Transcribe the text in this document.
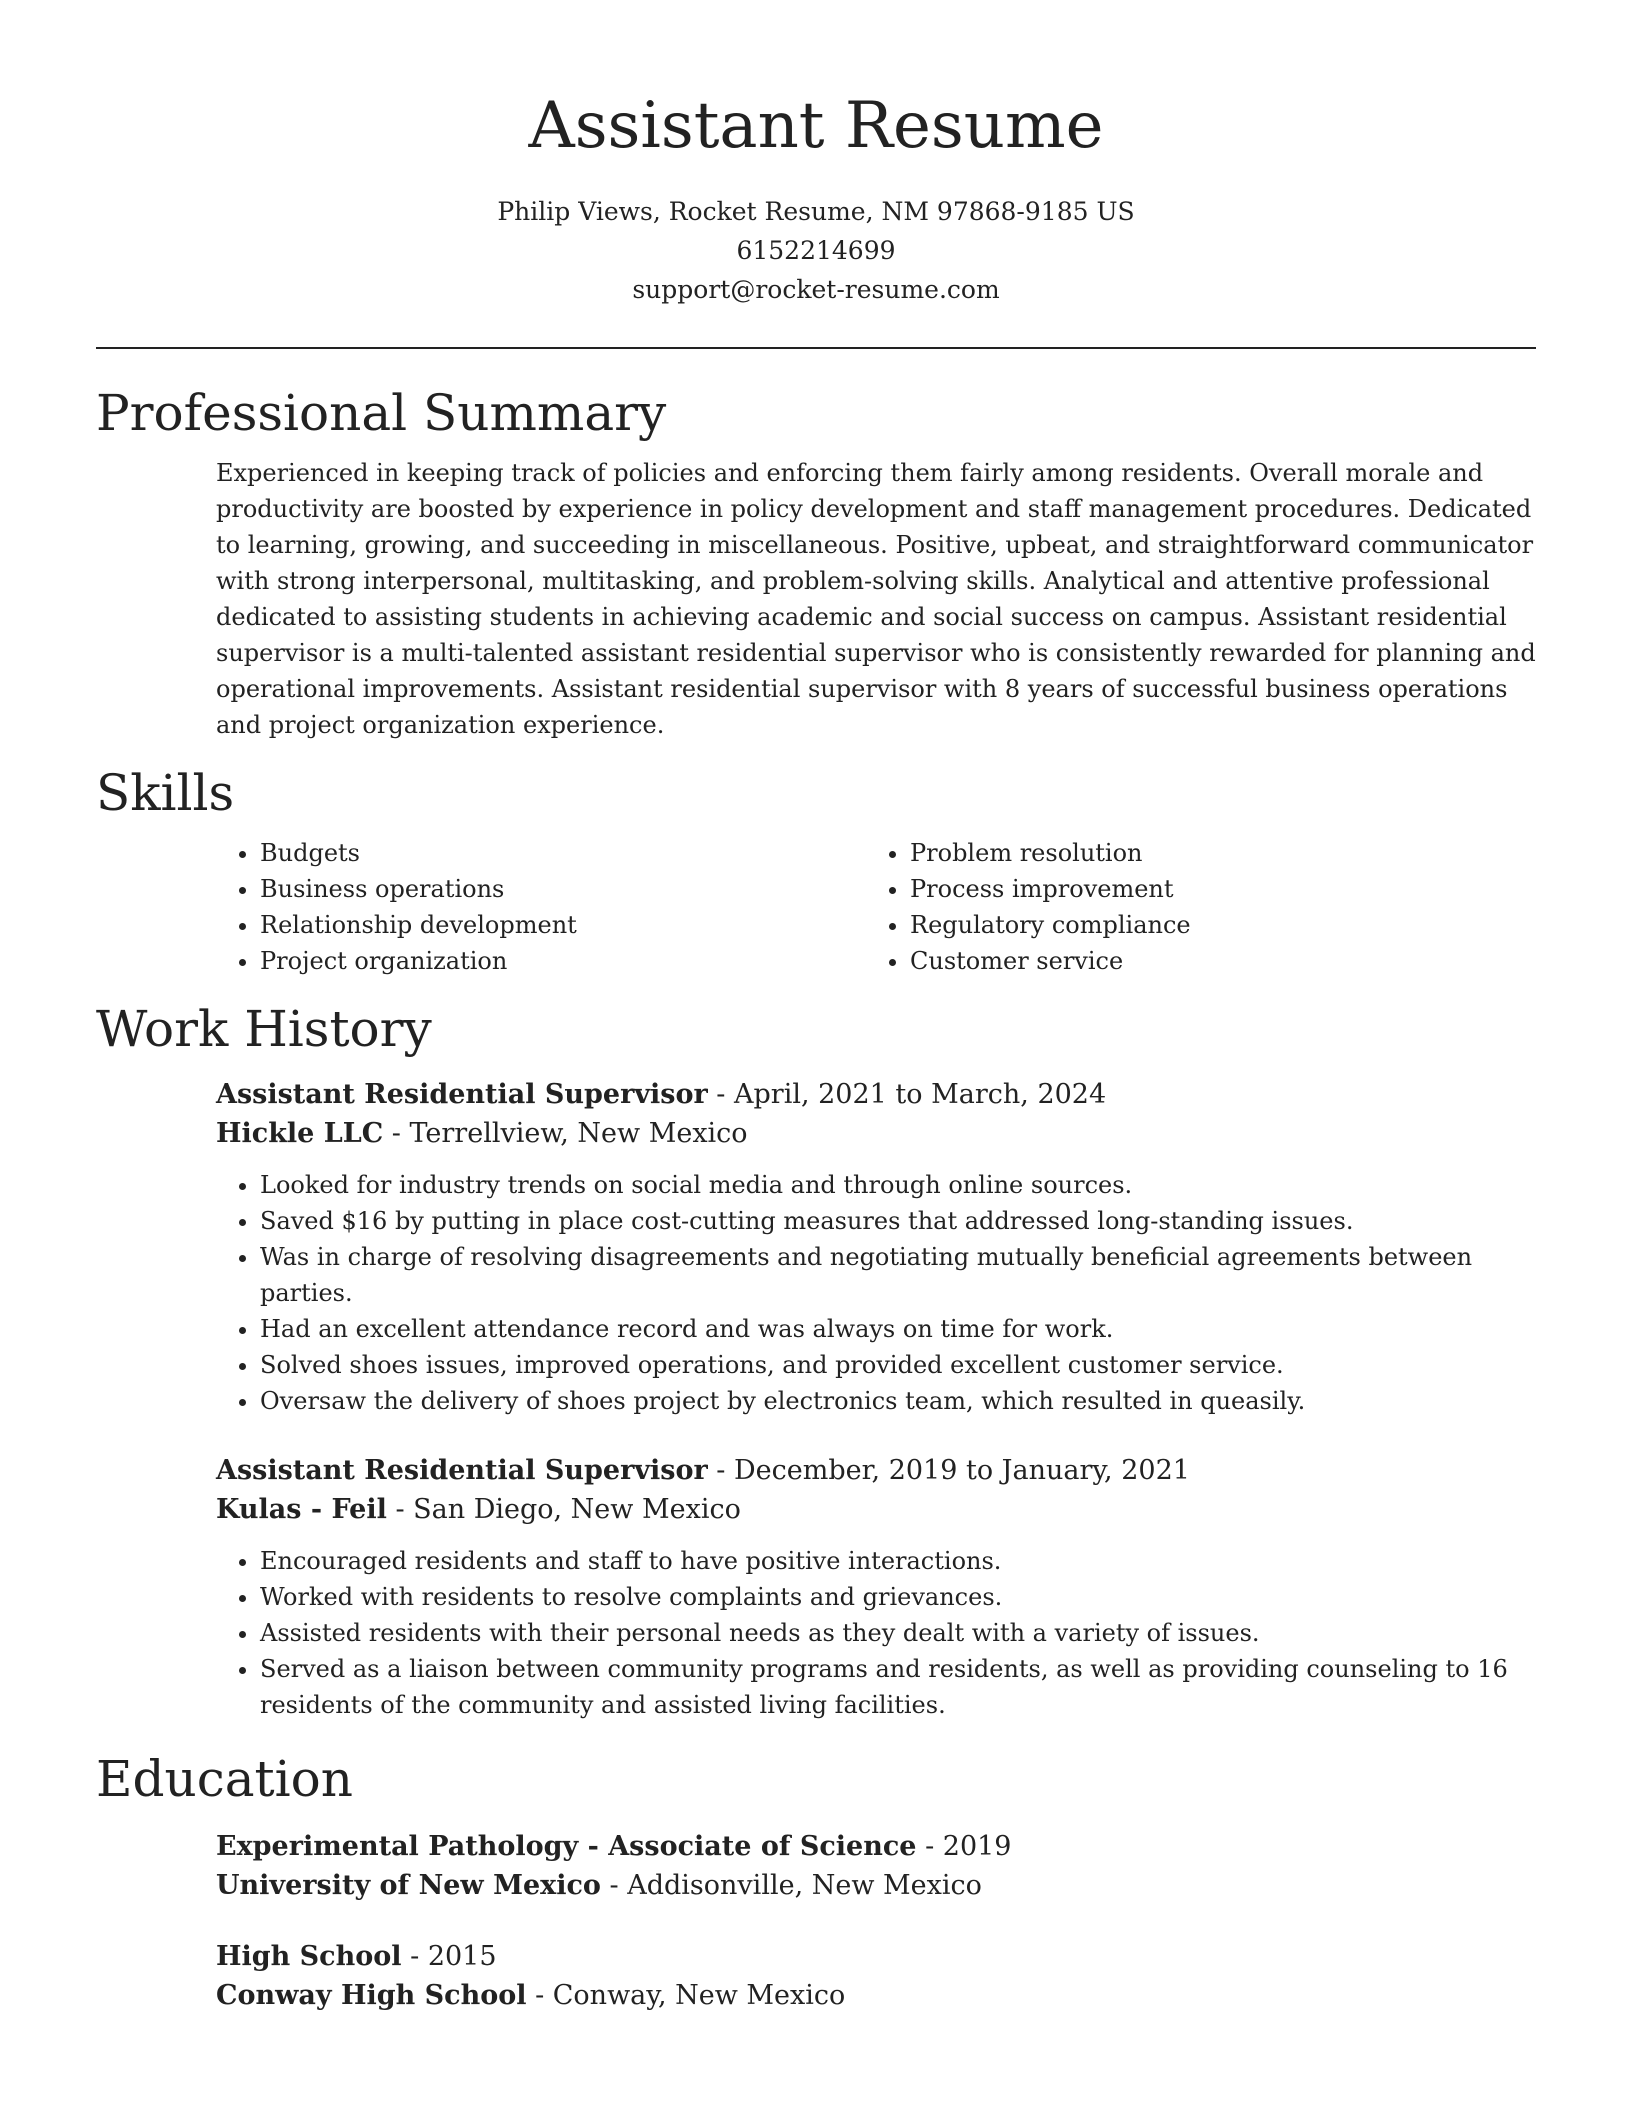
Assistant Resume
Philip Views, Rocket Resume, NM 97868-9185 US
6152214699
support@rocket-resume.com
Professional Summary
Experienced in keeping track of policies and enforcing them fairly among residents. Overall morale and productivity are boosted by experience in policy development and staff management procedures. Dedicated to learning, growing, and succeeding in miscellaneous. Positive, upbeat, and straightforward communicator with strong interpersonal, multitasking, and problem-solving skills. Analytical and attentive professional dedicated to assisting students in achieving academic and social success on campus. Assistant residential supervisor is a multi-talented assistant residential supervisor who is consistently rewarded for planning and operational improvements. Assistant residential supervisor with 8 years of successful business operations and project organization experience.
Skills
• Budgets
• Business operations
• Relationship development
• Project organization
• Problem resolution
• Process improvement
• Regulatory compliance
• Customer service
Work History
Assistant Residential Supervisor - April, 2021 to March, 2024
Hickle LLC - Terrellview, New Mexico
• Looked for industry trends on social media and through online sources.
• Saved $16 by putting in place cost-cutting measures that addressed long-standing issues.
• Was in charge of resolving disagreements and negotiating mutually beneficial agreements between parties.
• Had an excellent attendance record and was always on time for work.
• Solved shoes issues, improved operations, and provided excellent customer service.
• Oversaw the delivery of shoes project by electronics team, which resulted in queasily.
Assistant Residential Supervisor - December, 2019 to January, 2021
Kulas - Feil - San Diego, New Mexico
• Encouraged residents and staff to have positive interactions.
• Worked with residents to resolve complaints and grievances.
• Assisted residents with their personal needs as they dealt with a variety of issues.
• Served as a liaison between community programs and residents, as well as providing counseling to 16 residents of the community and assisted living facilities.
Education
Experimental Pathology - Associate of Science - 2019
University of New Mexico - Addisonville, New Mexico
High School - 2015
Conway High School - Conway, New Mexico
